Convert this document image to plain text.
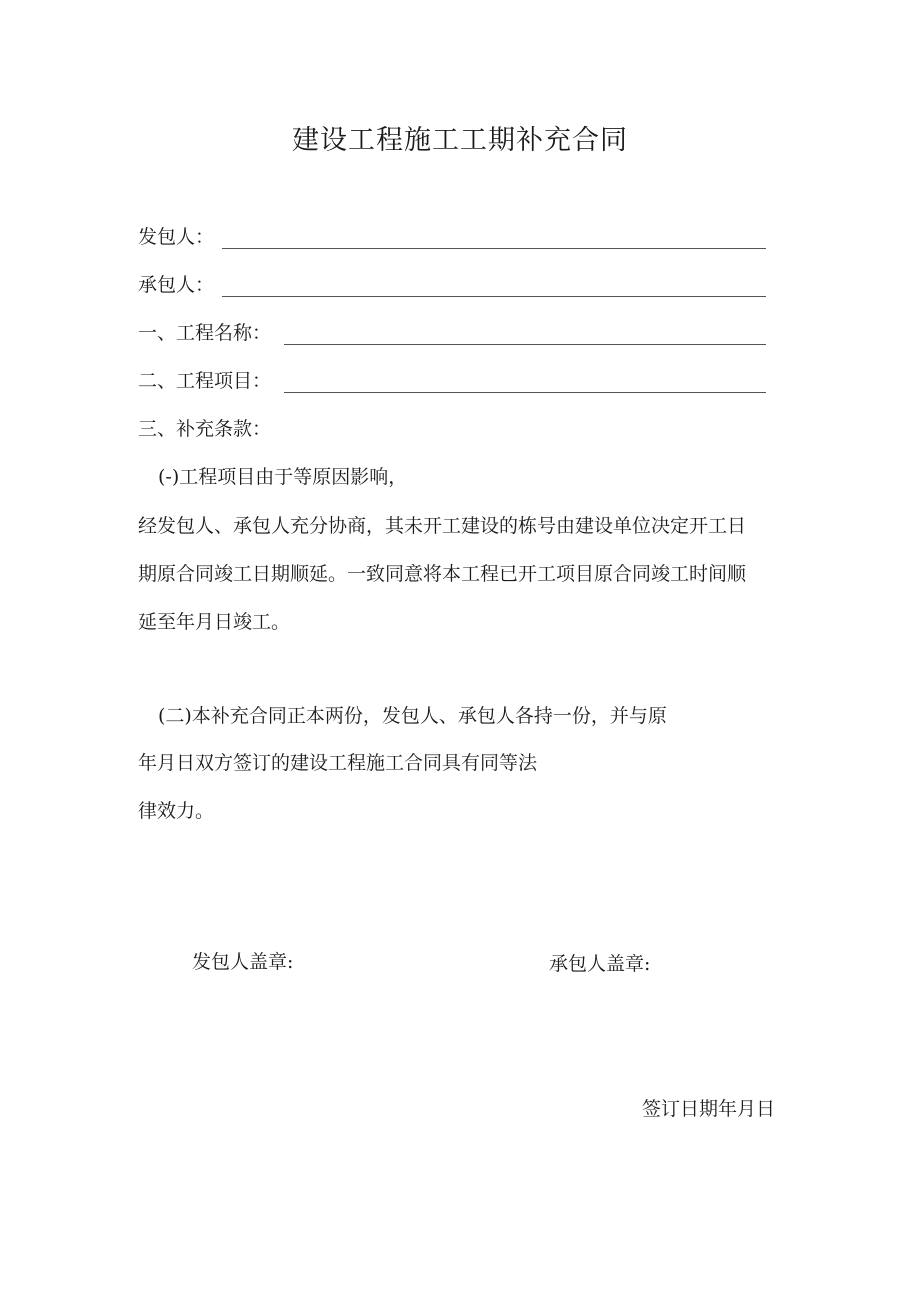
建设工程施工工期补充合同
发包人：
承包人：
一、工程名称：
二、工程项目：
三、补充条款：
(-)工程项目由于等原因影响，
经发包人、承包人充分协商，其未开工建设的栋号由建设单位决定开工日
期原合同竣工日期顺延。一致同意将本工程已开工项目原合同竣工时间顺
延至年月日竣工。
(二)本补充合同正本两份，发包人、承包人各持一份，并与原
年月日双方签订的建设工程施工合同具有同等法
律效力。
发包人盖章:	承包人盖章:
签订日期年月日
